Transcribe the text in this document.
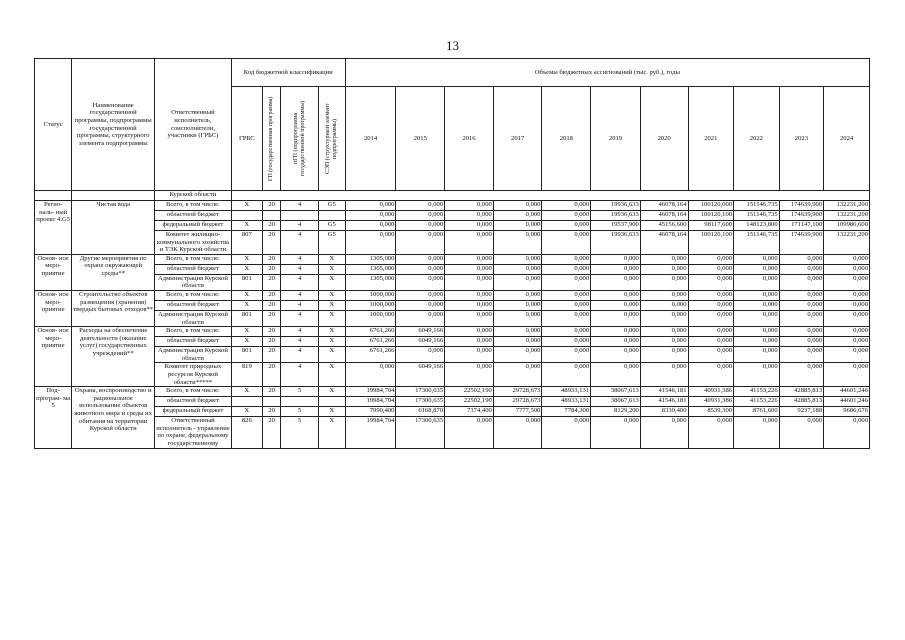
13
Статус	Наименование государственной программы, подпрограммы государственной программы, структурного элемента подпрограммы	Ответственный исполнитель, соисполнители, участники (ГРБС)	Код бюджетной классификации				Объемы бюджетных ассигнований (тыс. руб.), годы										
			ГРБС	ГП (государственная программа)	пГП (подпрограмма государственной программы)	СЭП (структурный элемент подпрограммы)	2014	2015	2016	2017	2018	2019	2020	2021	2022	2023	2024
		Курской области															
Регио- наль- ный проект 4.G5	Чистая вода	Всего, в том числе:	Х	20	4	G5	0,000	0,000	0,000	0,000	0,000	19936,633	46078,164	100120,000	151146,735	174639,900	132231,200
		областной бюджет					0,000	0,000	0,000	0,000	0,000	19936,633	46078,164	100120,100	151146,735	174639,900	132231,200
		федеральный бюджет	Х	20	4	G5	0,000	0,000	0,000	0,000	0,000	19537,900	45156,600	98117,600	148123,800	171147,100	109986,600
		Комитет жилищно-коммунального хозяйства и ТЭК Курской области	807	20	4	G5	0,000	0,000	0,000	0,000	0,000	19936,633	46078,164	100120,100	151146,735	174639,900	132231,200
Основ- ное меро- приятие	Другие мероприятия по охране окружающей среды**	Всего, в том числе:	Х	20	4	Х	1305,000	0,000	0,000	0,000	0,000	0,000	0,000	0,000	0,000	0,000	0,000
		областной бюджет	Х	20	4	Х	1305,000	0,000	0,000	0,000	0,000	0,000	0,000	0,000	0,000	0,000	0,000
		Администрация Курской области	801	20	4	Х	1305,000	0,000	0,000	0,000	0,000	0,000	0,000	0,000	0,000	0,000	0,000
Основ- ное меро- приятие	Строительство объектов размещения (хранения) твердых бытовых отходов**	Всего, в том числе:	Х	20	4	Х	1000,000	0,000	0,000	0,000	0,000	0,000	0,000	0,000	0,000	0,000	0,000
		областной бюджет	Х	20	4	Х	1000,000	0,000	0,000	0,000	0,000	0,000	0,000	0,000	0,000	0,000	0,000
		Администрация Курской области	801	20	4	Х	1000,000	0,000	0,000	0,000	0,000	0,000	0,000	0,000	0,000	0,000	0,000
Основ- ное меро- приятие	Расходы на обеспечение деятельности (оказание услуг) государственных учреждений**	Всего, в том числе:	Х	20	4	Х	6761,266	6049,166	0,000	0,000	0,000	0,000	0,000	0,000	0,000	0,000	0,000
		областной бюджет	Х	20	4	Х	6761,266	6049,166	0,000	0,000	0,000	0,000	0,000	0,000	0,000	0,000	0,000
		Администрация Курской области	801	20	4	Х	6761,266	0,000	0,000	0,000	0,000	0,000	0,000	0,000	0,000	0,000	0,000
		Комитет природных ресурсов Курской области*****	819	20	4	Х	0,000	6049,166	0,000	0,000	0,000	0,000	0,000	0,000	0,000	0,000	0,000
Под- програм- ма 5	Охрана, воспроизводство и рациональное использование объектов животного мира и среды их обитания на территории Курской области	Всего, в том числе:	Х	20	5	Х	19984,704	17300,635	22502,190	29728,673	48933,131	38067,613	41546,181	40931,386	41153,226	42885,813	44601,246
		областной бюджет					19984,704	17300,635	22502,190	29728,673	48933,131	38067,613	41546,181	40931,386	41153,226	42885,813	44601,246
		федеральный бюджет	Х	20	5	Х	7990,400	6168,870	7374,400	7777,500	7784,300	8129,200	8330,400	8539,300	8761,600	9237,188	9606,676
		Ответственный исполнитель - управление по охране, федеральному государственному	826	20	5	Х	19984,704	17300,635	0,000	0,000	0,000	0,000	0,000	0,000	0,000	0,000	0,000
